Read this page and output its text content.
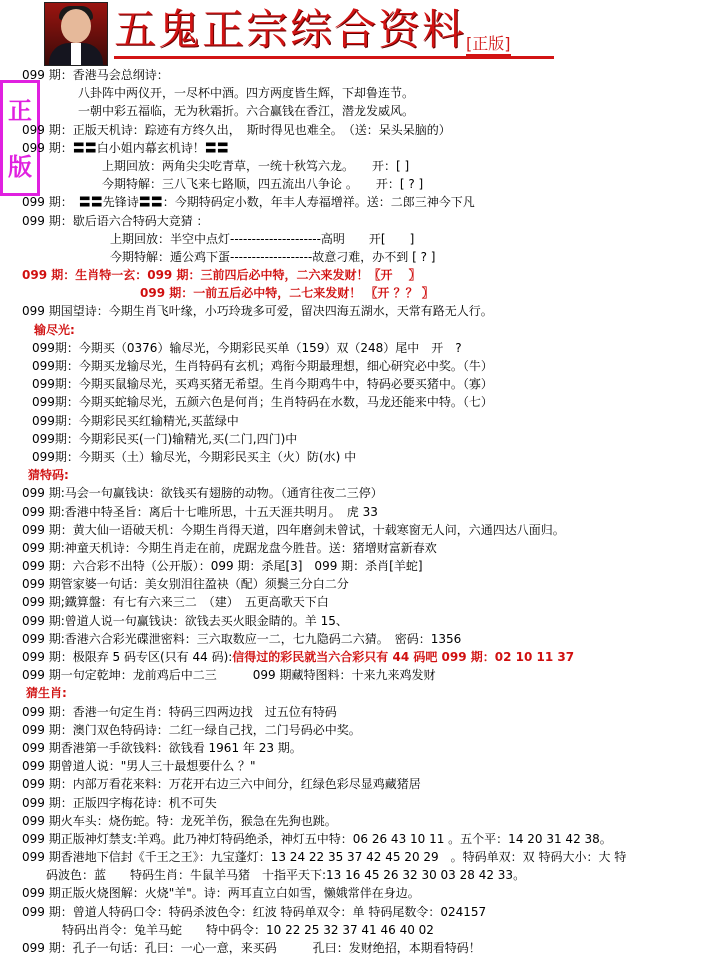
五鬼正宗综合资料 [正版]
正
版
099 期：香港马会总纲诗：
八卦阵中两仪开，一尽杯中酒。四方两度皆生辉，下却鲁连节。
一朝中彩五福临，无为秋霜折。六合赢钱在香江，潜龙发威风。
099 期：正版天机诗：踪迹有方终久出，　斯时得见也难全。　（送：呆头呆脑的）
099 期：〓〓白小姐内幕玄机诗！〓〓
上期回放：两角尖尖吃青草，一统十秋笃六龙。　　开：[ ]
今期特解：三八飞来七路顺，四五流出八争论 。　　开：[ ? ]
099 期：　〓〓先锋诗〓〓：今期特码定小数，年丰人寿福增祥。送：二郎三神今下凡
099 期：歇后语六合特码大竞猜 ：
上期回放：半空中点灯---------------------高明　　开[　　]
今期特解：遁公鸡下蛋-------------------故意刁难，办不到 [ ? ]
099 期：生肖特一玄：099 期：三前四后必中特，二六来发财！〖开　 〗
099 期：一前五后必中特，二七来发财！ 〖开 ？？ 〗
099 期国望诗：今期生肖飞叶缘，小巧玲珑多可爱，留决四海五湖水，天常有路无人行。
输尽光:
099期：今期买（0376）输尽光，今期彩民买单（159）双（248）尾中　开　?
099期：今期买龙输尽光，生肖特码有玄机；鸡衔今期最理想，细心研究必中奖。（牛）
099期：今期买鼠输尽光，买鸡买猪无希望。生肖今期鸡牛中，特码必要买猪中。（寡）
099期：今期买蛇输尽光，五颜六色是何肖；生肖特码在水数，马龙还能来中特。（七）
099期：今期彩民买红输精光,买蓝绿中
099期：今期彩民买(一门)输精光,买(二门,四门)中
099期：今期买（土）输尽光，今期彩民买主（火）防(水) 中
猜特码:
099 期:马会一句赢钱诀：欲钱买有翅膀的动物。（通宵往夜二三停）
099 期:香港中特圣旨：离后十七唯所思，十五天涯共明月。　虎 33
099 期：黄大仙一语破天机：今期生肖得天道，四年磨剑未曾试，十载寒窗无人问，六通四达八面归。
099 期:神童天机诗：今期生肖走在前，虎踞龙盘今胜昔。送：猪增财富新春欢
099 期：六合彩不出特（公开版）：099 期：杀尾[3]　099 期：杀肖[羊蛇]
099 期管家婆一句话：美女别泪往盈袂（配）须鬓三分白二分
099 期;鐵算盤：有七有六来三二　（建）　五更高歌天下白
099 期:曾道人说一句赢钱诀：欲钱去买火眼金睛的。羊 15、
099 期:香港六合彩光碟泄密料：三六取数应一二，七九隐码二六猜。　密码：1356
099 期：极限弃 5 码专区(只有 44 码):信得过的彩民就当六合彩只有 44 码吧 099 期：02 10 11 37
099 期一句定乾坤：龙前鸡后中二三　　　099 期藏特图料：十来九来鸡发财
猜生肖:
099 期：香港一句定生肖：特码三四两边找　过五位有特码
099 期：澳门双色特码诗：二红一绿自己找，二门号码必中奖。
099 期香港第一手欲钱料：欲钱看 1961 年 23 期。
099 期曾道人说："男人三十最想要什么 ？"
099 期：内部万看花来料：万花开右边三六中间分，红绿色彩尽显鸡藏猪居
099 期：正版四字梅花诗：机不可失
099 期火车头：烧伤蛇。特：龙死羊伤，猴急在先狗也跳。
099 期正版神灯禁支:羊鸡。此乃神灯特码绝杀，神灯五中特：06 26 43 10 11 。五个平：14 20 31 42 38。
099 期香港地下信封《千王之王》：九宝蓬灯：13 24 22 35 37 42 45 20 29　。特码单双：双 特码大小：大 特
码波色：蓝　　特码生肖：牛鼠羊马猪　十指平天下:13 16 45 26 32 30 03 28 42 33。
099 期正版火烧图解：火烧"羊"。诗：两耳直立白如雪，懒娥常伴在身边。
099 期：曾道人特码口令：特码杀波色令：红波 特码单双令：单 特码尾数令：024157
特码出肖令：兔羊马蛇　　特中码令：10 22 25 32 37 41 46 40 02
099 期：孔子一句话：孔曰：一心一意，来买码　　　孔曰：发财绝招，本期看特码！
